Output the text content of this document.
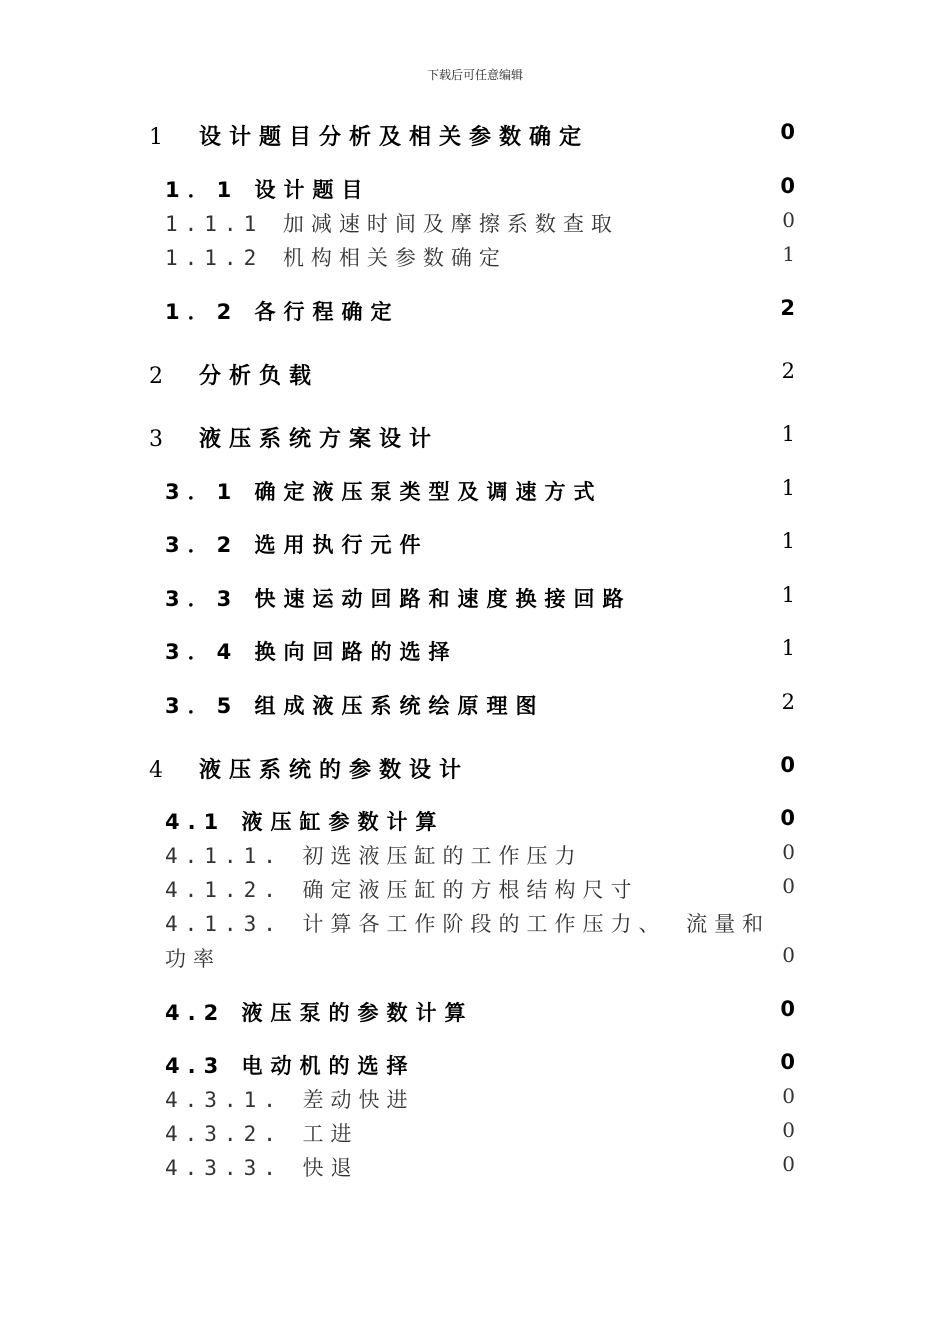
下载后可任意编辑
1 设计题目分析及相关参数确定	0
1．1 设计题目	0
1.1.1 加减速时间及摩擦系数查取	0
1.1.2 机构相关参数确定	1
1．2 各行程确定	2
2 分析负载	2
3 液压系统方案设计	1
3．1 确定液压泵类型及调速方式	1
3．2 选用执行元件	1
3．3 快速运动回路和速度换接回路	1
3．4 换向回路的选择	1
3．5 组成液压系统绘原理图	2
4 液压系统的参数设计	0
4.1 液压缸参数计算	0
4.1.1. 初选液压缸的工作压力	0
4.1.2. 确定液压缸的方根结构尺寸	0
4.1.3. 计算各工作阶段的工作压力、 流量和
功率	0
4.2 液压泵的参数计算	0
4.3 电动机的选择	0
4.3.1. 差动快进	0
4.3.2. 工进	0
4.3.3. 快退	0
